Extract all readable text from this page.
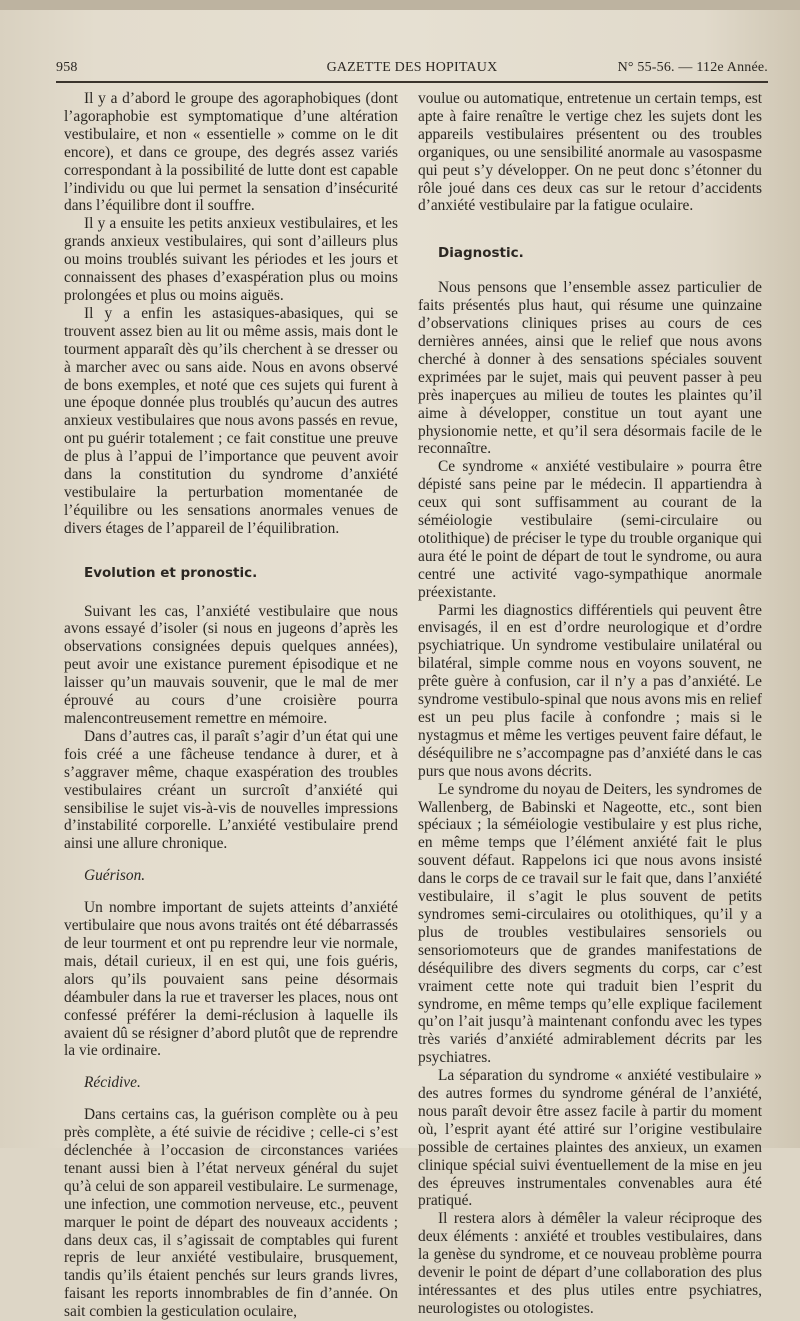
958	GAZETTE DES HOPITAUX	N° 55-56. — 112e Année.

Il y a d’abord le groupe des agoraphobiques (dont l’agoraphobie est symptomatique d’une altération vestibulaire, et non « essentielle » comme on le dit encore), et dans ce groupe, des degrés assez variés correspondant à la possibilité de lutte dont est capable l’individu ou que lui permet la sensation d’insécurité dans l’équilibre dont il souffre.

Il y a ensuite les petits anxieux vestibulaires, et les grands anxieux vestibulaires, qui sont d’ailleurs plus ou moins troublés suivant les périodes et les jours et connaissent des phases d’exaspération plus ou moins prolongées et plus ou moins aiguës.

Il y a enfin les astasiques-abasiques, qui se trouvent assez bien au lit ou même assis, mais dont le tourment apparaît dès qu’ils cherchent à se dresser ou à marcher avec ou sans aide. Nous en avons observé de bons exemples, et noté que ces sujets qui furent à une époque donnée plus troublés qu’aucun des autres anxieux vestibulaires que nous avons passés en revue, ont pu guérir totalement ; ce fait constitue une preuve de plus à l’appui de l’importance que peuvent avoir dans la constitution du syndrome d’anxiété vestibulaire la perturbation momentanée de l’équilibre ou les sensations anormales venues de divers étages de l’appareil de l’équilibration.

Evolution et pronostic.

Suivant les cas, l’anxiété vestibulaire que nous avons essayé d’isoler (si nous en jugeons d’après les observations consignées depuis quelques années), peut avoir une existance purement épisodique et ne laisser qu’un mauvais souvenir, que le mal de mer éprouvé au cours d’une croisière pourra malencontreusement remettre en mémoire.

Dans d’autres cas, il paraît s’agir d’un état qui une fois créé a une fâcheuse tendance à durer, et à s’aggraver même, chaque exaspération des troubles vestibulaires créant un surcroît d’anxiété qui sensibilise le sujet vis-à-vis de nouvelles impressions d’instabilité corporelle. L’anxiété vestibulaire prend ainsi une allure chronique.

Guérison.

Un nombre important de sujets atteints d’anxiété vertibulaire que nous avons traités ont été débarrassés de leur tourment et ont pu reprendre leur vie normale, mais, détail curieux, il en est qui, une fois guéris, alors qu’ils pouvaient sans peine désormais déambuler dans la rue et traverser les places, nous ont confessé préférer la demi-réclusion à laquelle ils avaient dû se résigner d’abord plutôt que de reprendre la vie ordinaire.

Récidive.

Dans certains cas, la guérison complète ou à peu près complète, a été suivie de récidive ; celle-ci s’est déclenchée à l’occasion de circonstances variées tenant aussi bien à l’état nerveux général du sujet qu’à celui de son appareil vestibulaire. Le surmenage, une infection, une commotion nerveuse, etc., peuvent marquer le point de départ des nouveaux accidents ; dans deux cas, il s’agissait de comptables qui furent repris de leur anxiété vestibulaire, brusquement, tandis qu’ils étaient penchés sur leurs grands livres, faisant les reports innombrables de fin d’année. On sait combien la gesticulation oculaire,

voulue ou automatique, entretenue un certain temps, est apte à faire renaître le vertige chez les sujets dont les appareils vestibulaires présentent ou des troubles organiques, ou une sensibilité anormale au vasospasme qui peut s’y développer. On ne peut donc s’étonner du rôle joué dans ces deux cas sur le retour d’accidents d’anxiété vestibulaire par la fatigue oculaire.

Diagnostic.

Nous pensons que l’ensemble assez particulier de faits présentés plus haut, qui résume une quinzaine d’observations cliniques prises au cours de ces dernières années, ainsi que le relief que nous avons cherché à donner à des sensations spéciales souvent exprimées par le sujet, mais qui peuvent passer à peu près inaperçues au milieu de toutes les plaintes qu’il aime à développer, constitue un tout ayant une physionomie nette, et qu’il sera désormais facile de le reconnaître.

Ce syndrome « anxiété vestibulaire » pourra être dépisté sans peine par le médecin. Il appartiendra à ceux qui sont suffisamment au courant de la séméiologie vestibulaire (semi-circulaire ou otolithique) de préciser le type du trouble organique qui aura été le point de départ de tout le syndrome, ou aura centré une activité vago-sympathique anormale préexistante.

Parmi les diagnostics différentiels qui peuvent être envisagés, il en est d’ordre neurologique et d’ordre psychiatrique. Un syndrome vestibulaire unilatéral ou bilatéral, simple comme nous en voyons souvent, ne prête guère à confusion, car il n’y a pas d’anxiété. Le syndrome vestibulo-spinal que nous avons mis en relief est un peu plus facile à confondre ; mais si le nystagmus et même les vertiges peuvent faire défaut, le déséquilibre ne s’accompagne pas d’anxiété dans le cas purs que nous avons décrits.

Le syndrome du noyau de Deiters, les syndromes de Wallenberg, de Babinski et Nageotte, etc., sont bien spéciaux ; la séméiologie vestibulaire y est plus riche, en même temps que l’élément anxiété fait le plus souvent défaut. Rappelons ici que nous avons insisté dans le corps de ce travail sur le fait que, dans l’anxiété vestibulaire, il s’agit le plus souvent de petits syndromes semi-circulaires ou otolithiques, qu’il y a plus de troubles vestibulaires sensoriels ou sensoriomoteurs que de grandes manifestations de déséquilibre des divers segments du corps, car c’est vraiment cette note qui traduit bien l’esprit du syndrome, en même temps qu’elle explique facilement qu’on l’ait jusqu’à maintenant confondu avec les types très variés d’anxiété admirablement décrits par les psychiatres.

La séparation du syndrome « anxiété vestibulaire » des autres formes du syndrome général de l’anxiété, nous paraît devoir être assez facile à partir du moment où, l’esprit ayant été attiré sur l’origine vestibulaire possible de certaines plaintes des anxieux, un examen clinique spécial suivi éventuellement de la mise en jeu des épreuves instrumentales convenables aura été pratiqué.

Il restera alors à démêler la valeur réciproque des deux éléments : anxiété et troubles vestibulaires, dans la genèse du syndrome, et ce nouveau problème pourra devenir le point de départ d’une collaboration des plus intéressantes et des plus utiles entre psychiatres, neurologistes ou otologistes.
